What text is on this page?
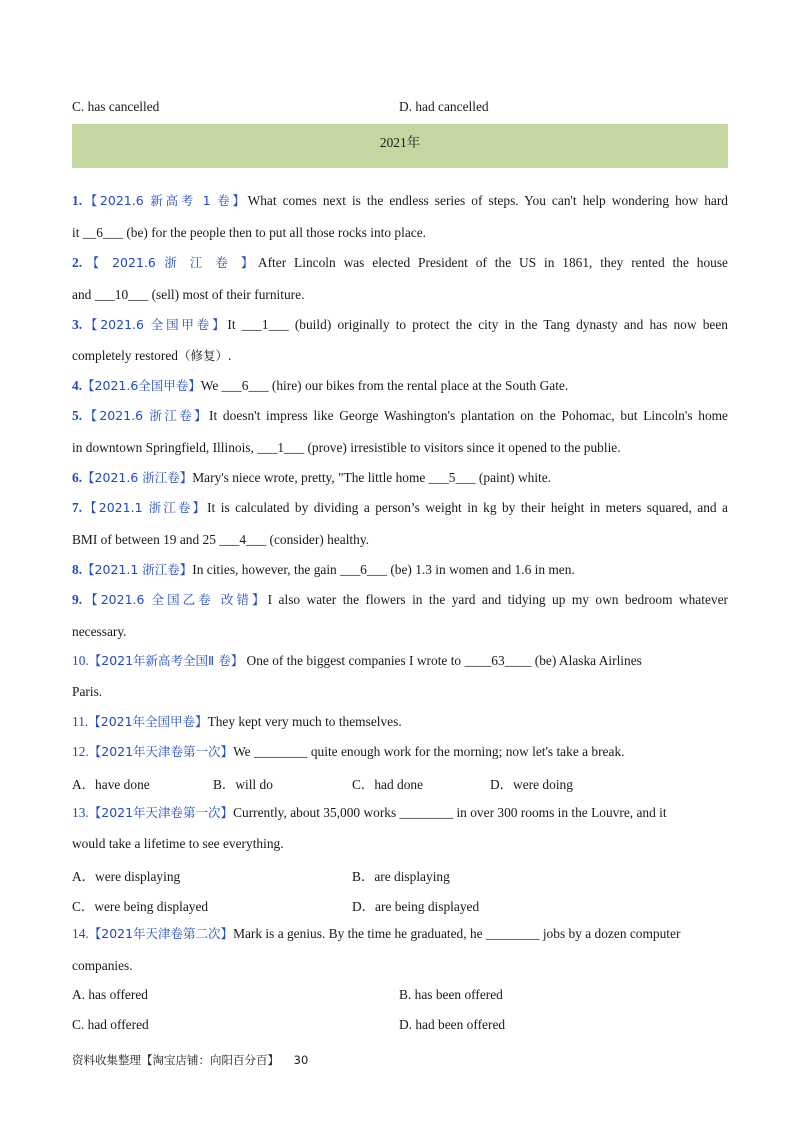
C. has cancelled	D. had cancelled
2021年
1.【2021.6 新高考 1 卷】What comes next is the endless series of steps. You can't help wondering how hard
it __6___ (be) for the people then to put all those rocks into place.
2.【 2021.6 浙 江 卷 】After Lincoln was elected President of the US in 1861, they rented the house
and ___10___ (sell) most of their furniture.
3.【2021.6 全国甲卷】It ___1___ (build) originally to protect the city in the Tang dynasty and has now been
completely restored（修复）.
4.【2021.6全国甲卷】We ___6___ (hire) our bikes from the rental place at the South Gate.
5.【2021.6 浙江卷】It doesn't impress like George Washington's plantation on the Pohomac, but Lincoln's home
in downtown Springfield, Illinois, ___1___ (prove) irresistible to visitors since it opened to the publie.
6.【2021.6 浙江卷】Mary's niece wrote, pretty, "The little home ___5___ (paint) white.
7.【2021.1 浙江卷】It is calculated by dividing a person’s weight in kg by their height in meters squared, and a
BMI of between 19 and 25 ___4___ (consider) healthy.
8.【2021.1 浙江卷】In cities, however, the gain ___6___ (be) 1.3 in women and 1.6 in men.
9.【2021.6 全国乙卷 改错】I also water the flowers in the yard and tidying up my own bedroom whatever
necessary.
10.【2021年新高考全国Ⅱ 卷】 One of the biggest companies I wrote to ____63____ (be) Alaska Airlines
Paris.
11.【2021年全国甲卷】They kept very much to themselves.
12.【2021年天津卷第一次】We ________ quite enough work for the morning; now let's take a break.
A．have done	B．will do	C．had done	D．were doing
13.【2021年天津卷第一次】Currently, about 35,000 works ________ in over 300 rooms in the Louvre, and it
would take a lifetime to see everything.
A．were displaying	B．are displaying
C．were being displayed	D．are being displayed
14.【2021年天津卷第二次】Mark is a genius. By the time he graduated, he ________ jobs by a dozen computer
companies.
A. has offered	B. has been offered
C. had offered	D. had been offered
资料收集整理【淘宝店铺：向阳百分百】 30
